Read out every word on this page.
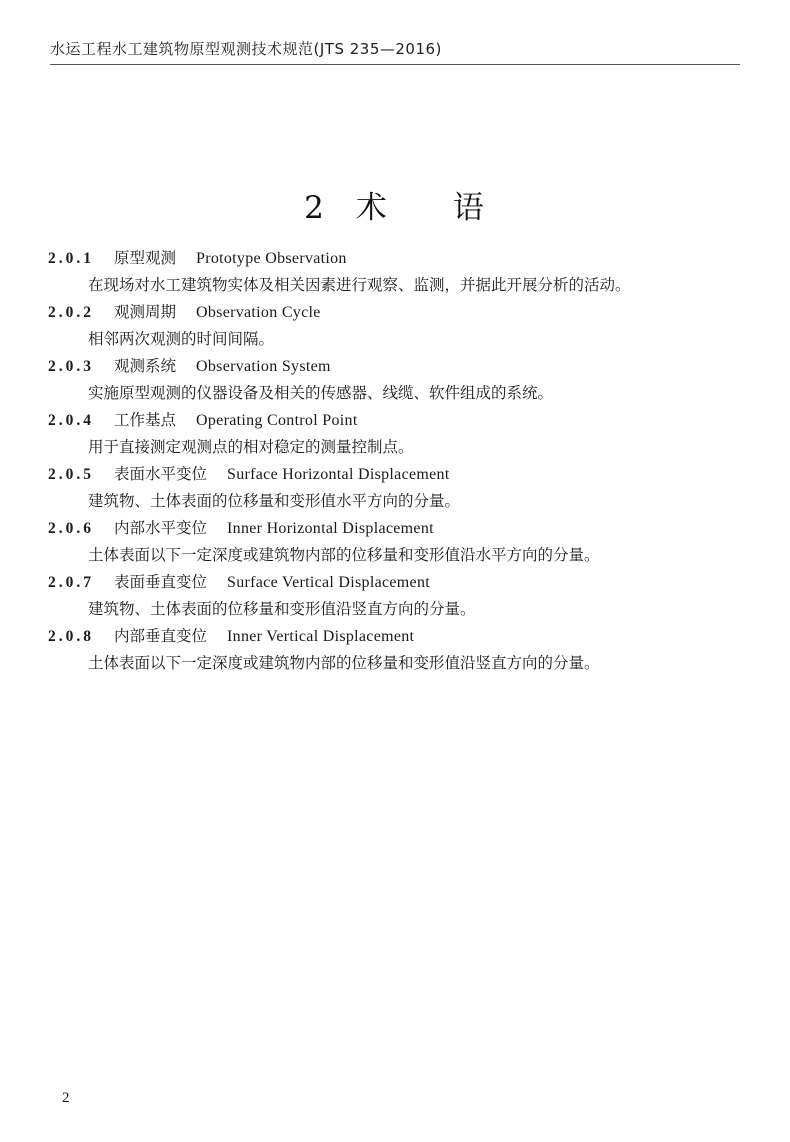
水运工程水工建筑物原型观测技术规范(JTS 235—2016)
2 术 语
2.0.1 原型观测 Prototype Observation
在现场对水工建筑物实体及相关因素进行观察、监测，并据此开展分析的活动。
2.0.2 观测周期 Observation Cycle
相邻两次观测的时间间隔。
2.0.3 观测系统 Observation System
实施原型观测的仪器设备及相关的传感器、线缆、软件组成的系统。
2.0.4 工作基点 Operating Control Point
用于直接测定观测点的相对稳定的测量控制点。
2.0.5 表面水平变位 Surface Horizontal Displacement
建筑物、土体表面的位移量和变形值水平方向的分量。
2.0.6 内部水平变位 Inner Horizontal Displacement
土体表面以下一定深度或建筑物内部的位移量和变形值沿水平方向的分量。
2.0.7 表面垂直变位 Surface Vertical Displacement
建筑物、土体表面的位移量和变形值沿竖直方向的分量。
2.0.8 内部垂直变位 Inner Vertical Displacement
土体表面以下一定深度或建筑物内部的位移量和变形值沿竖直方向的分量。
2
